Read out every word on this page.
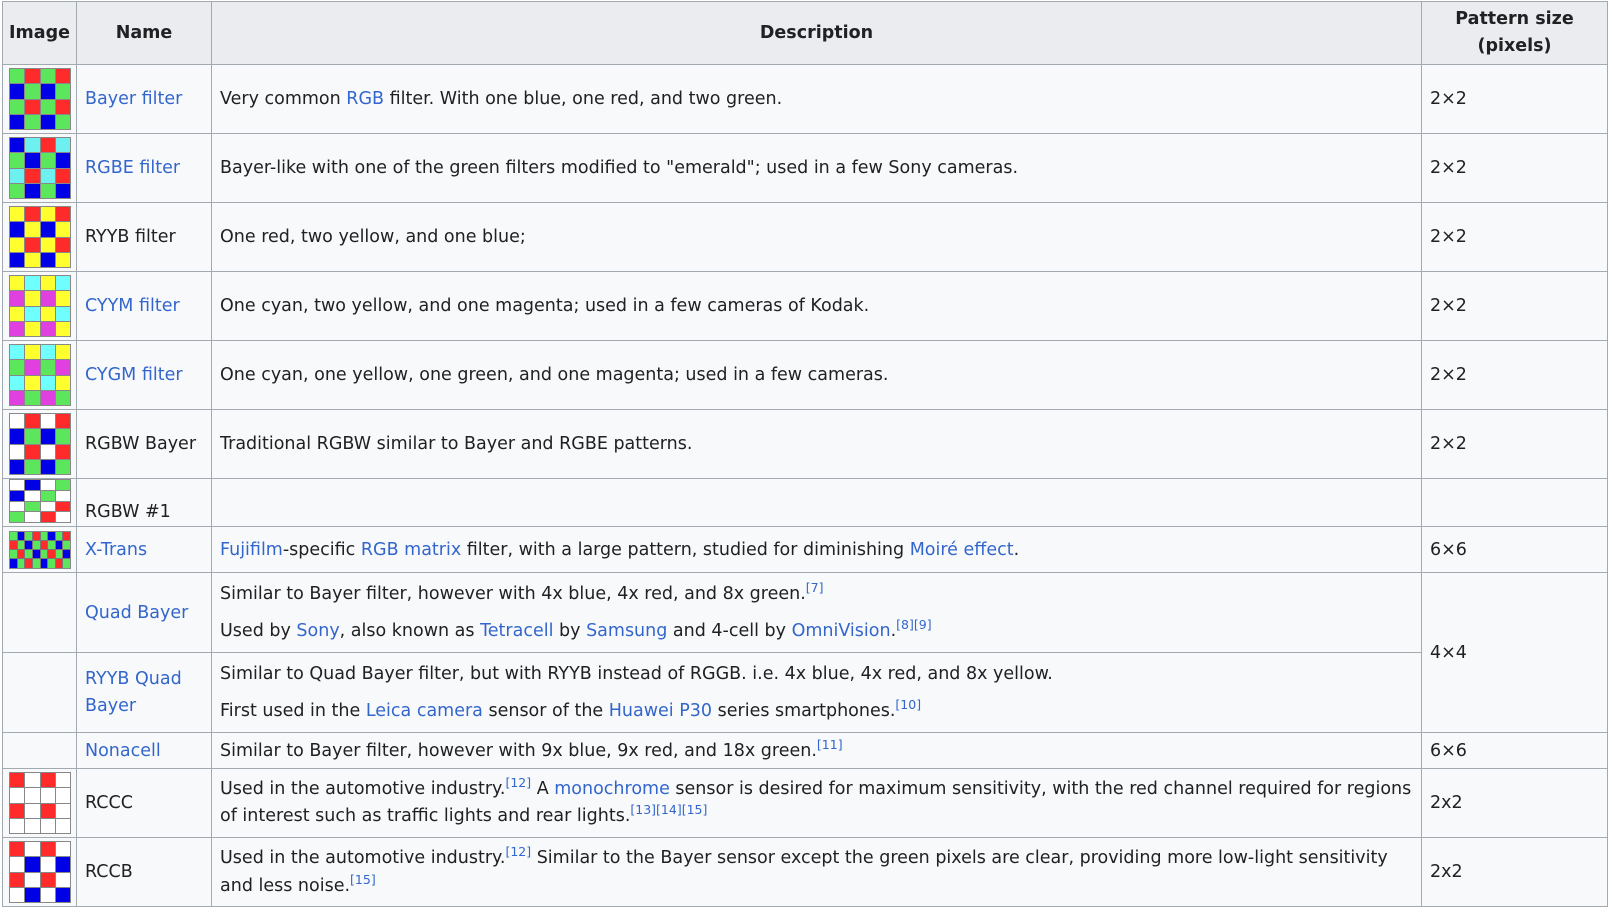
Image	Name	Description	Pattern size
(pixels)

	Bayer filter	Very common RGB filter. With one blue, one red, and two green.	2×2

	RGBE filter	Bayer-like with one of the green filters modified to "emerald"; used in a few Sony cameras.	2×2

	RYYB filter	One red, two yellow, and one blue;	2×2

	CYYM filter	One cyan, two yellow, and one magenta; used in a few cameras of Kodak.	2×2

	CYGM filter	One cyan, one yellow, one green, and one magenta; used in a few cameras.	2×2

	RGBW Bayer	Traditional RGBW similar to Bayer and RGBE patterns.	2×2

	RGBW #1		

	X-Trans	Fujifilm-specific RGB matrix filter, with a large pattern, studied for diminishing Moiré effect.	6×6
	Quad Bayer	Similar to Bayer filter, however with 4x blue, 4x red, and 8x green.[7]

Used by Sony, also known as Tetracell by Samsung and 4-cell by OmniVision.[8][9]	4×4
	RYYB Quad Bayer	Similar to Quad Bayer filter, but with RYYB instead of RGGB. i.e. 4x blue, 4x red, and 8x yellow.

First used in the Leica camera sensor of the Huawei P30 series smartphones.[10]

	Nonacell	Similar to Bayer filter, however with 9x blue, 9x red, and 18x green.[11]	6×6

	RCCC	Used in the automotive industry.[12] A monochrome sensor is desired for maximum sensitivity, with the red channel required for regions of interest such as traffic lights and rear lights.[13][14][15]	2x2

	RCCB	Used in the automotive industry.[12] Similar to the Bayer sensor except the green pixels are clear, providing more low-light sensitivity and less noise.[15]	2x2
